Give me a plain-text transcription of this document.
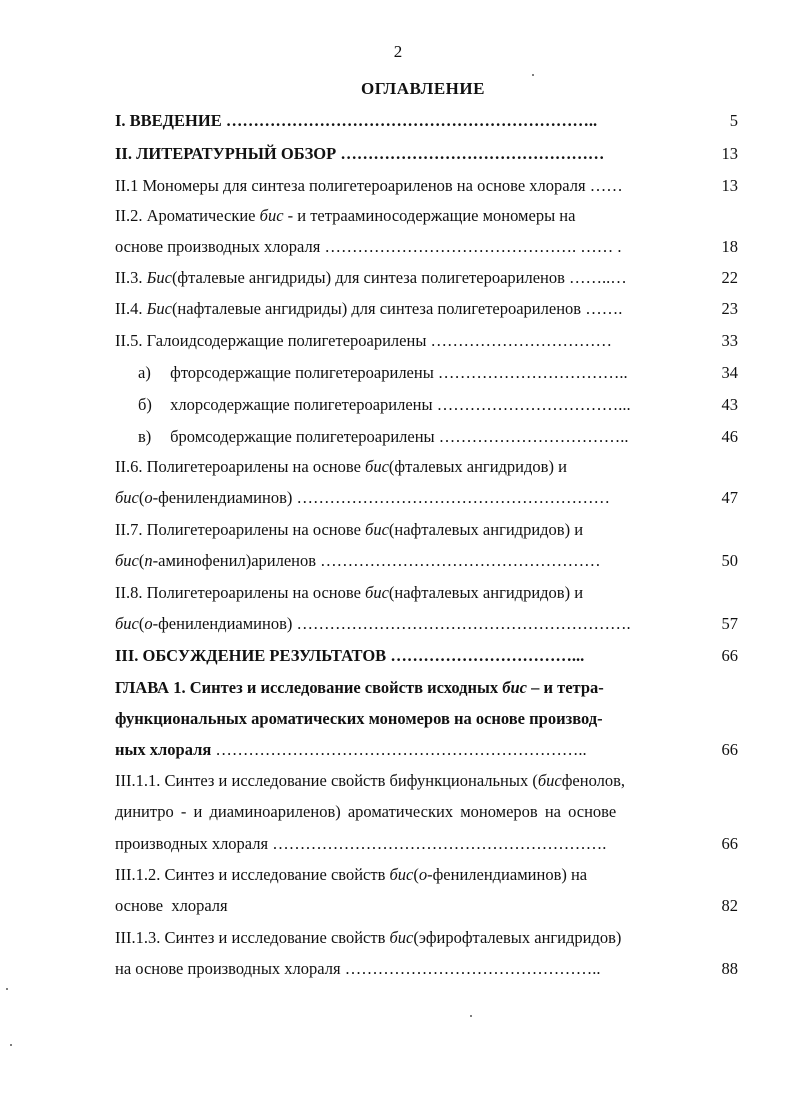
2
ОГЛАВЛЕНИЕ
I. ВВЕДЕНИЕ …………………………………………………………..	5
II. ЛИТЕРАТУРНЫЙ ОБЗОР …………………………………………	13
II.1 Мономеры для синтеза полигетероариленов на основе хлораля ……	13
II.2. Ароматические бис - и тетрааминосодержащие мономеры на
основе производных хлораля ………………………………………. …… .	18
II.3. Бис(фталевые ангидриды) для синтеза полигетероариленов ……..…	22
II.4. Бис(нафталевые ангидриды) для синтеза полигетероариленов …….	23
II.5. Галоидсодержащие полигетероарилены ……………………………	33
а) фторсодержащие полигетероарилены ……………………………..	34
б) хлорсодержащие полигетероарилены ……………………………...	43
в) бромсодержащие полигетероарилены ……………………………..	46
II.6. Полигетероарилены на основе бис(фталевых ангидридов) и
бис(о-фенилендиаминов) …………………………………………………	47
II.7. Полигетероарилены на основе бис(нафталевых ангидридов) и
бис(п-аминофенил)ариленов ……………………………………………	50
II.8. Полигетероарилены на основе бис(нафталевых ангидридов) и
бис(о-фенилендиаминов) …………………………………………………….	57
III. ОБСУЖДЕНИЕ РЕЗУЛЬТАТОВ ……………………………...	66
ГЛАВА 1. Синтез и исследование свойств исходных бис – и тетра-
функциональных ароматических мономеров на основе производ-
ных хлораля …………………………………………………………..	66
III.1.1. Синтез и исследование свойств бифункциональных (бисфенолов,
динитро - и диаминоариленов) ароматических мономеров на основе
производных хлораля …………………………………………………….	66
III.1.2. Синтез и исследование свойств бис(о-фенилендиаминов) на
основе  хлораля	82
III.1.3. Синтез и исследование свойств бис(эфирофталевых ангидридов)
на основе производных хлораля ………………………………………..	88
